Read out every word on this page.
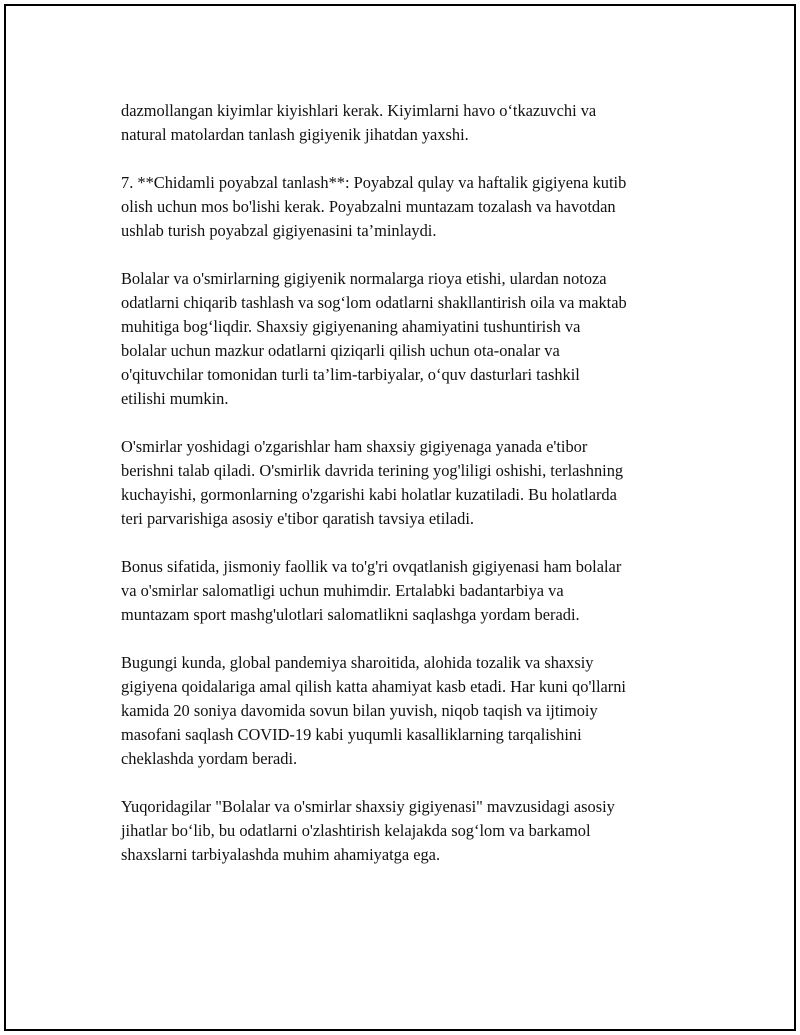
dazmollangan kiyimlar kiyishlari kerak. Kiyimlarni havo o‘tkazuvchi va
natural matolardan tanlash gigiyenik jihatdan yaxshi.

7. **Chidamli poyabzal tanlash**: Poyabzal qulay va haftalik gigiyena kutib
olish uchun mos bo'lishi kerak. Poyabzalni muntazam tozalash va havotdan
ushlab turish poyabzal gigiyenasini ta’minlaydi.

Bolalar va o'smirlarning gigiyenik normalarga rioya etishi, ulardan notoza
odatlarni chiqarib tashlash va sog‘lom odatlarni shakllantirish oila va maktab
muhitiga bog‘liqdir. Shaxsiy gigiyenaning ahamiyatini tushuntirish va
bolalar uchun mazkur odatlarni qiziqarli qilish uchun ota-onalar va
o'qituvchilar tomonidan turli ta’lim-tarbiyalar, o‘quv dasturlari tashkil
etilishi mumkin.

O'smirlar yoshidagi o'zgarishlar ham shaxsiy gigiyenaga yanada e'tibor
berishni talab qiladi. O'smirlik davrida terining yog'liligi oshishi, terlashning
kuchayishi, gormonlarning o'zgarishi kabi holatlar kuzatiladi. Bu holatlarda
teri parvarishiga asosiy e'tibor qaratish tavsiya etiladi.

Bonus sifatida, jismoniy faollik va to'g'ri ovqatlanish gigiyenasi ham bolalar
va o'smirlar salomatligi uchun muhimdir. Ertalabki badantarbiya va
muntazam sport mashg'ulotlari salomatlikni saqlashga yordam beradi.

Bugungi kunda, global pandemiya sharoitida, alohida tozalik va shaxsiy
gigiyena qoidalariga amal qilish katta ahamiyat kasb etadi. Har kuni qo'llarni
kamida 20 soniya davomida sovun bilan yuvish, niqob taqish va ijtimoiy
masofani saqlash COVID-19 kabi yuqumli kasalliklarning tarqalishini
cheklashda yordam beradi.

Yuqoridagilar "Bolalar va o'smirlar shaxsiy gigiyenasi" mavzusidagi asosiy
jihatlar bo‘lib, bu odatlarni o'zlashtirish kelajakda sog‘lom va barkamol
shaxslarni tarbiyalashda muhim ahamiyatga ega.
